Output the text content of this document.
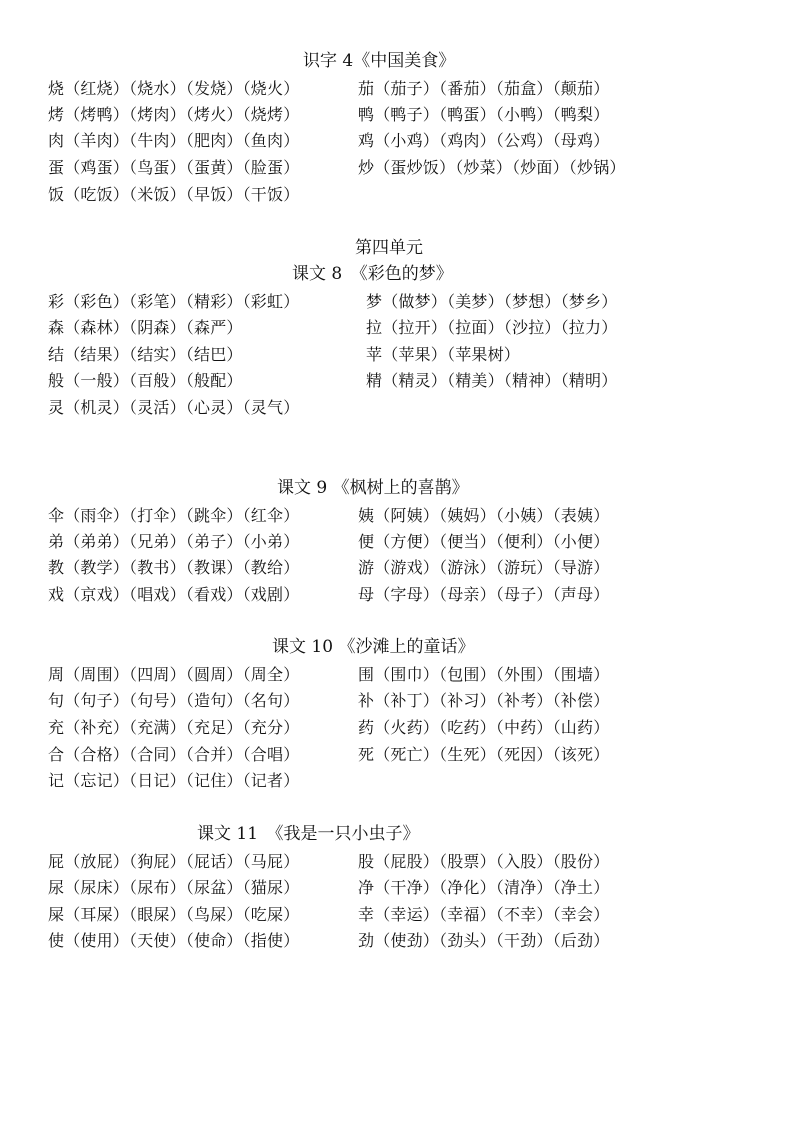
识字 4《中国美食》
烧（红烧）（烧水）（发烧）（烧火）
烤（烤鸭）（烤肉）（烤火）（烧烤）
肉（羊肉）（牛肉）（肥肉）（鱼肉）
蛋（鸡蛋）（鸟蛋）（蛋黄）（脸蛋）
饭（吃饭）（米饭）（早饭）（干饭）
茄（茄子）（番茄）（茄盒）（颠茄）
鸭（鸭子）（鸭蛋）（小鸭）（鸭梨）
鸡（小鸡）（鸡肉）（公鸡）（母鸡）
炒（蛋炒饭）（炒菜）（炒面）（炒锅）
第四单元
课文 8　《彩色的梦》
彩（彩色）（彩笔）（精彩）（彩虹）
森（森林）（阴森）（森严）
结（结果）（结实）（结巴）
般（一般）（百般）（般配）
灵（机灵）（灵活）（心灵）（灵气）
梦（做梦）（美梦）（梦想）（梦乡）
拉（拉开）（拉面）（沙拉）（拉力）
苹（苹果）（苹果树）
精（精灵）（精美）（精神）（精明）
课文 9 《枫树上的喜鹊》
伞（雨伞）（打伞）（跳伞）（红伞）
弟（弟弟）（兄弟）（弟子）（小弟）
教（教学）（教书）（教课）（教给）
戏（京戏）（唱戏）（看戏）（戏剧）
姨（阿姨）（姨妈）（小姨）（表姨）
便（方便）（便当）（便利）（小便）
游（游戏）（游泳）（游玩）（导游）
母（字母）（母亲）（母子）（声母）
课文 10 《沙滩上的童话》
周（周围）（四周）（圆周）（周全）
句（句子）（句号）（造句）（名句）
充（补充）（充满）（充足）（充分）
合（合格）（合同）（合并）（合唱）
记（忘记）（日记）（记住）（记者）
围（围巾）（包围）（外围）（围墙）
补（补丁）（补习）（补考）（补偿）
药（火药）（吃药）（中药）（山药）
死（死亡）（生死）（死因）（该死）
课文 11　《我是一只小虫子》
屁（放屁）（狗屁）（屁话）（马屁）
尿（尿床）（尿布）（尿盆）（猫尿）
屎（耳屎）（眼屎）（鸟屎）（吃屎）
使（使用）（天使）（使命）（指使）
股（屁股）（股票）（入股）（股份）
净（干净）（净化）（清净）（净土）
幸（幸运）（幸福）（不幸）（幸会）
劲（使劲）（劲头）（干劲）（后劲）
